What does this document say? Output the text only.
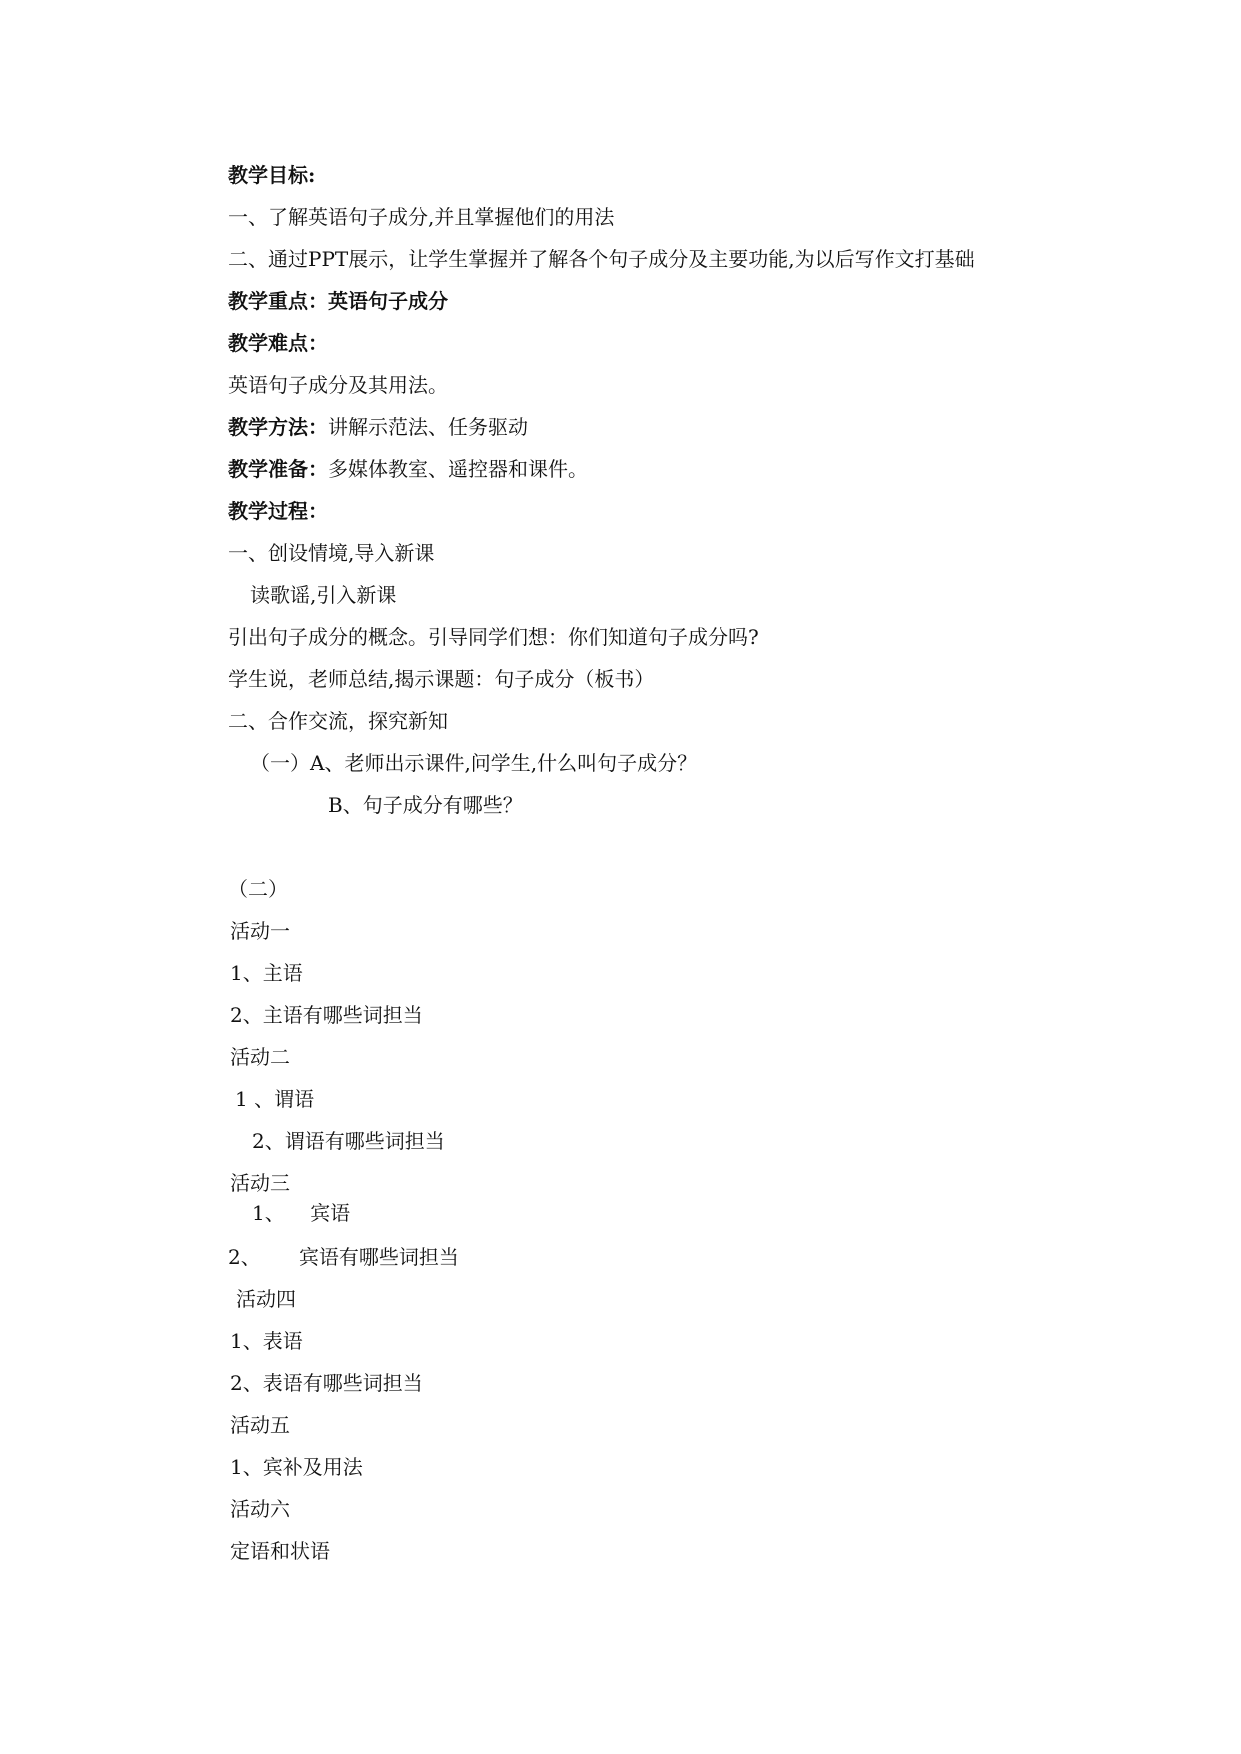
教学目标:
一、了解英语句子成分,并且掌握他们的用法
二、通过PPT展示，让学生掌握并了解各个句子成分及主要功能,为以后写作文打基础
教学重点：英语句子成分
教学难点：
英语句子成分及其用法。
教学方法：讲解示范法、任务驱动
教学准备：多媒体教室、遥控器和课件。
教学过程：
一、创设情境,导入新课
读歌谣,引入新课
引出句子成分的概念。引导同学们想：你们知道句子成分吗?
学生说，老师总结,揭示课题：句子成分（板书）
二、合作交流，探究新知
（一）A、老师出示课件,问学生,什么叫句子成分？
B、句子成分有哪些？
（二）
活动一
1、主语
2、主语有哪些词担当
活动二
1 、谓语
2、谓语有哪些词担当
活动三
1、    宾语
2、      宾语有哪些词担当
活动四
1、表语
2、表语有哪些词担当
活动五
1、宾补及用法
活动六
定语和状语
